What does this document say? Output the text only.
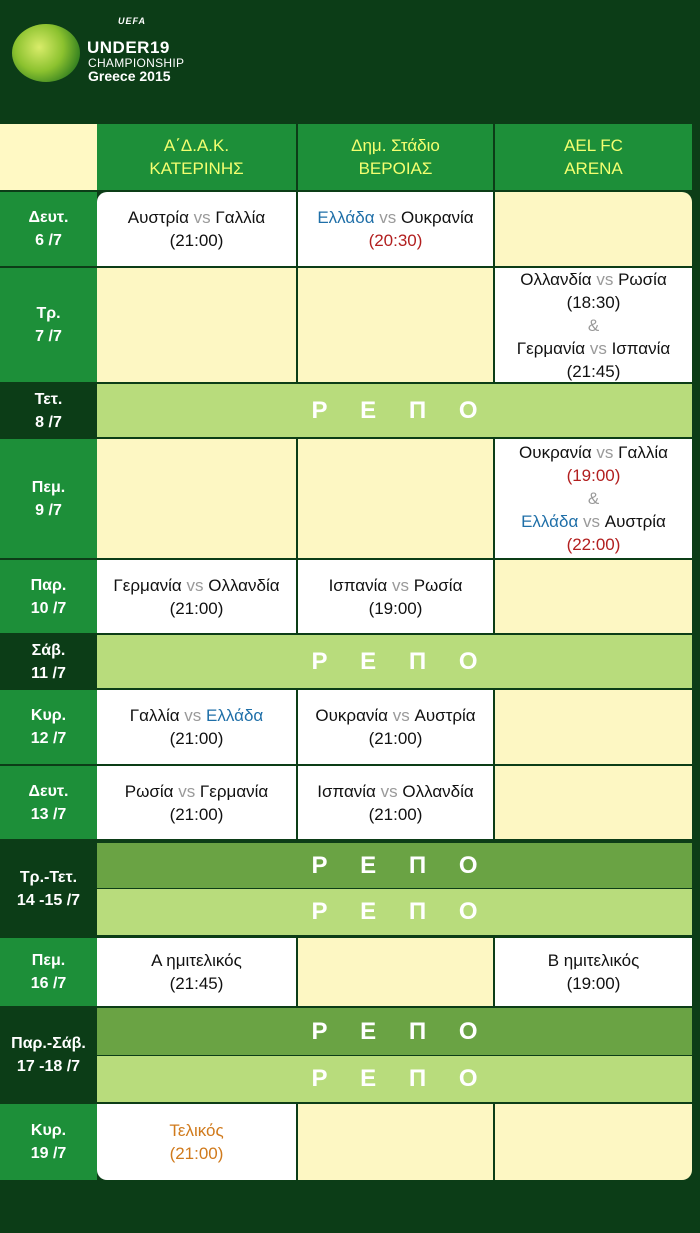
UEFA
UNDER19
CHAMPIONSHIP
Greece 2015
Α΄Δ.Α.Κ.
ΚΑΤΕΡΙΝΗΣ
Δημ. Στάδιο
ΒΕΡΟΙΑΣ
AEL FC
ARENA
Δευτ.
6 /7
Αυστρία vs Γαλλία
(21:00)
Ελλάδα vs Ουκρανία
(20:30)
Τρ.
7 /7
Ολλανδία vs Ρωσία
(18:30)
&
Γερμανία vs Ισπανία
(21:45)
Τετ.
8 /7	Ρ Ε Π Ο
Πεμ.
9 /7
Ουκρανία vs Γαλλία
(19:00)
&
Ελλάδα vs Αυστρία
(22:00)
Παρ.
10 /7
Γερμανία vs Ολλανδία
(21:00)
Ισπανία vs Ρωσία
(19:00)
Σάβ.
11 /7	Ρ Ε Π Ο
Κυρ.
12 /7
Γαλλία vs Ελλάδα
(21:00)
Ουκρανία vs Αυστρία
(21:00)
Δευτ.
13 /7
Ρωσία vs Γερμανία
(21:00)
Ισπανία vs Ολλανδία
(21:00)
Τρ.-Τετ.
14 -15 /7
Ρ Ε Π Ο
Ρ Ε Π Ο
Πεμ.
16 /7
Α ημιτελικός
(21:45)
Β ημιτελικός
(19:00)
Παρ.-Σάβ.
17 -18 /7
Ρ Ε Π Ο
Ρ Ε Π Ο
Κυρ.
19 /7
Τελικός
(21:00)
